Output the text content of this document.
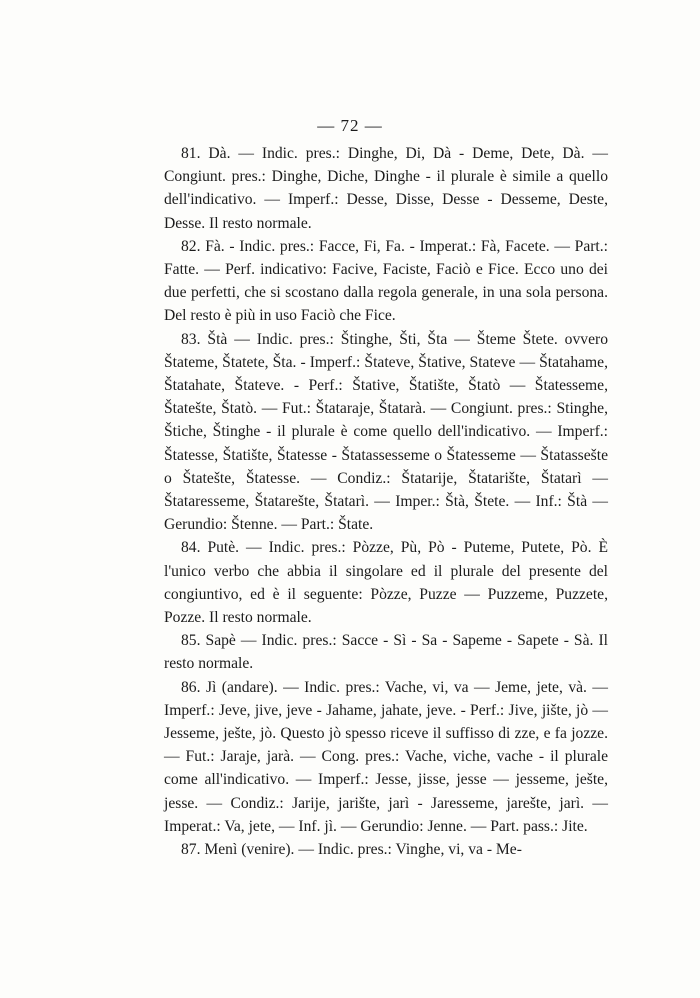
— 72 —

81. Dà. — Indic. pres.: Dinghe, Di, Dà - Deme, Dete, Dà. — Congiunt. pres.: Dinghe, Diche, Dinghe - il plurale è simile a quello dell'indicativo. — Imperf.: Desse, Disse, Desse - Desseme, Deste, Desse. Il resto normale.

82. Fà. - Indic. pres.: Facce, Fi, Fa. - Imperat.: Fà, Facete. — Part.: Fatte. — Perf. indicativo: Facive, Faciste, Faciò e Fice. Ecco uno dei due perfetti, che si scostano dalla regola generale, in una sola persona. Del resto è più in uso Faciò che Fice.

83. Štà — Indic. pres.: Štinghe, Šti, Šta — Šteme Štete. ovvero Štateme, Štatete, Šta. - Imperf.: Štateve, Štative, Stateve — Štatahame, Štatahate, Štateve. - Perf.: Štative, Štatište, Štatò — Štatesseme, Štatešte, Štatò. — Fut.: Štataraje, Štatarà. — Congiunt. pres.: Stinghe, Štiche, Štinghe - il plurale è come quello dell'indicativo. — Imperf.: Štatesse, Štatište, Štatesse - Štatassesseme o Štatesseme — Štatassešte o Štatešte, Štatesse. — Condiz.: Štatarije, Štatarište, Štatarì — Štataresseme, Štatarešte, Štatarì. — Imper.: Štà, Štete. — Inf.: Štà — Gerundio: Štenne. — Part.: Štate.

84. Putè. — Indic. pres.: Pòzze, Pù, Pò - Puteme, Putete, Pò. È l'unico verbo che abbia il singolare ed il plurale del presente del congiuntivo, ed è il seguente: Pòzze, Puzze — Puzzeme, Puzzete, Pozze. Il resto normale.

85. Sapè — Indic. pres.: Sacce - Sì - Sa - Sapeme - Sapete - Sà. Il resto normale.

86. Jì (andare). — Indic. pres.: Vache, vi, va — Jeme, jete, và. — Imperf.: Jeve, jive, jeve - Jahame, jahate, jeve. - Perf.: Jive, jište, jò — Jesseme, ješte, jò. Questo jò spesso riceve il suffisso di zze, e fa jozze. — Fut.: Jaraje, jarà. — Cong. pres.: Vache, viche, vache - il plurale come all'indicativo. — Imperf.: Jesse, jisse, jesse — jesseme, ješte, jesse. — Condiz.: Jarije, jarište, jarì - Jaresseme, jarešte, jarì. — Imperat.: Va, jete, — Inf. jì. — Gerundio: Jenne. — Part. pass.: Jite.

87. Menì (venire). — Indic. pres.: Vinghe, vi, va - Me-
